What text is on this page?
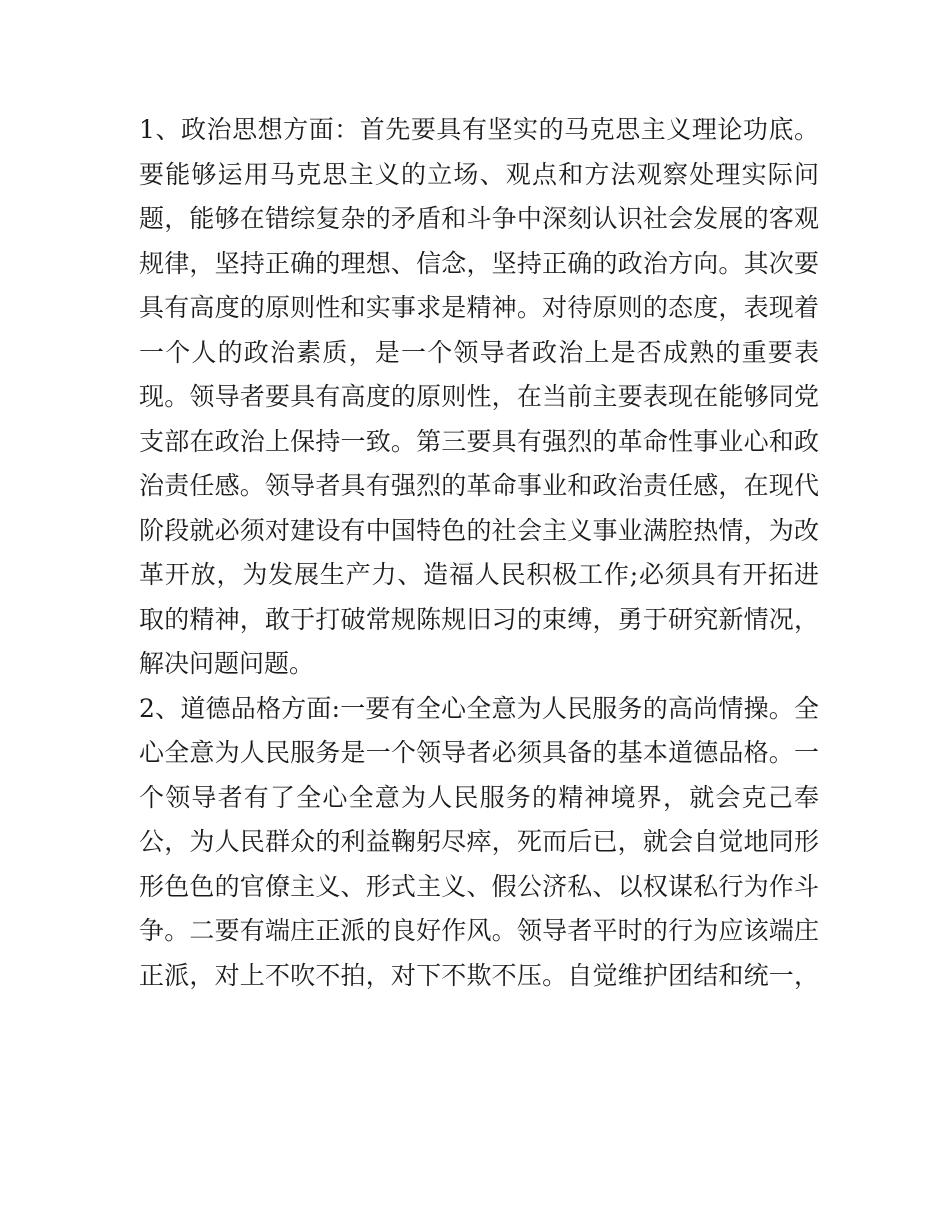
1、政治思想方面：首先要具有坚实的马克思主义理论功底。
要能够运用马克思主义的立场、观点和方法观察处理实际问
题，能够在错综复杂的矛盾和斗争中深刻认识社会发展的客观
规律，坚持正确的理想、信念，坚持正确的政治方向。其次要
具有高度的原则性和实事求是精神。对待原则的态度，表现着
一个人的政治素质，是一个领导者政治上是否成熟的重要表
现。领导者要具有高度的原则性，在当前主要表现在能够同党
支部在政治上保持一致。第三要具有强烈的革命性事业心和政
治责任感。领导者具有强烈的革命事业和政治责任感，在现代
阶段就必须对建设有中国特色的社会主义事业满腔热情，为改
革开放，为发展生产力、造福人民积极工作;必须具有开拓进
取的精神，敢于打破常规陈规旧习的束缚，勇于研究新情况，
解决问题问题。
2、道德品格方面:一要有全心全意为人民服务的高尚情操。全
心全意为人民服务是一个领导者必须具备的基本道德品格。一
个领导者有了全心全意为人民服务的精神境界，就会克己奉
公，为人民群众的利益鞠躬尽瘁，死而后已，就会自觉地同形
形色色的官僚主义、形式主义、假公济私、以权谋私行为作斗
争。二要有端庄正派的良好作风。领导者平时的行为应该端庄
正派，对上不吹不拍，对下不欺不压。自觉维护团结和统一，
